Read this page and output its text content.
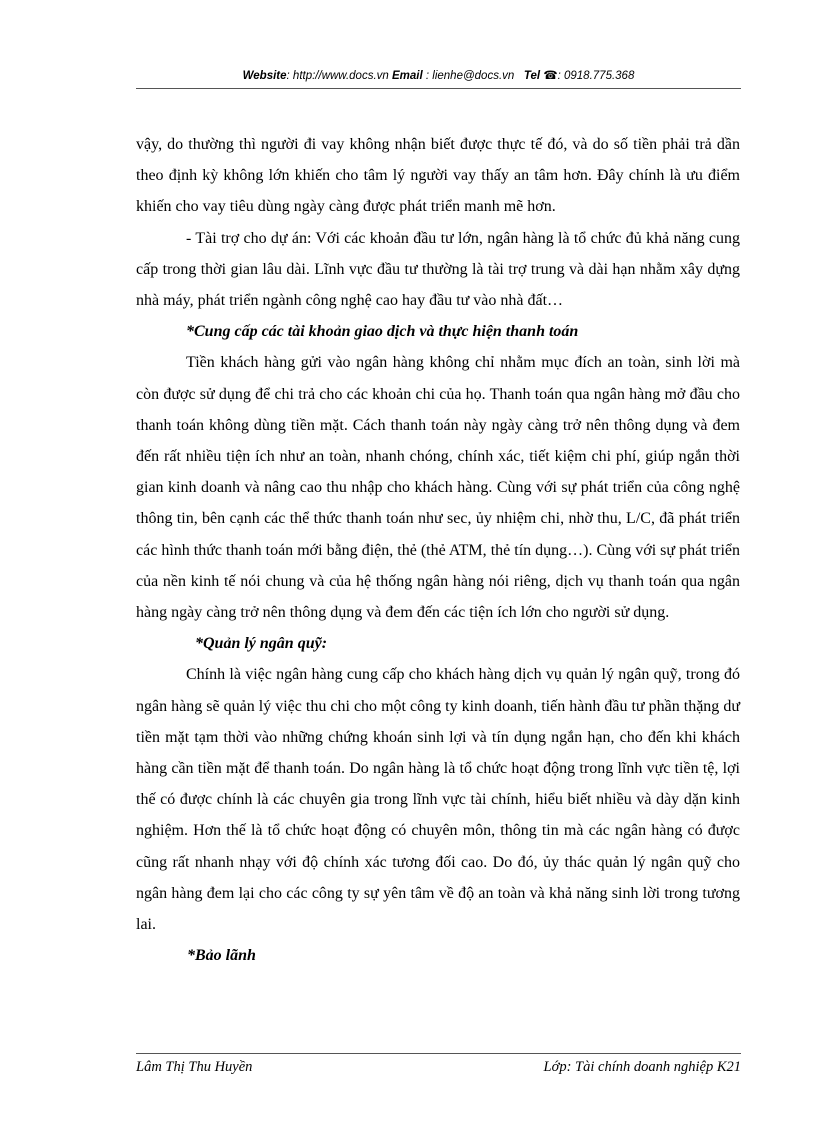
Website: http://www.docs.vn Email : lienhe@docs.vn Tel ☎: 0918.775.368

vậy, do thường thì người đi vay không nhận biết được thực tế đó, và do số tiền phải trả dần theo định kỳ không lớn khiến cho tâm lý người vay thấy an tâm hơn. Đây chính là ưu điểm khiến cho vay tiêu dùng ngày càng được phát triển manh mẽ hơn.

- Tài trợ cho dự án: Với các khoản đầu tư lớn, ngân hàng là tổ chức đủ khả năng cung cấp trong thời gian lâu dài. Lĩnh vực đầu tư thường là tài trợ trung và dài hạn nhằm xây dựng nhà máy, phát triển ngành công nghệ cao hay đầu tư vào nhà đất…

*Cung cấp các tài khoản giao dịch và thực hiện thanh toán

Tiền khách hàng gửi vào ngân hàng không chỉ nhằm mục đích an toàn, sinh lời mà còn được sử dụng để chi trả cho các khoản chi của họ. Thanh toán qua ngân hàng mở đầu cho thanh toán không dùng tiền mặt. Cách thanh toán này ngày càng trở nên thông dụng và đem đến rất nhiều tiện ích như an toàn, nhanh chóng, chính xác, tiết kiệm chi phí, giúp ngắn thời gian kinh doanh và nâng cao thu nhập cho khách hàng. Cùng với sự phát triển của công nghệ thông tin, bên cạnh các thể thức thanh toán như sec, ủy nhiệm chi, nhờ thu, L/C, đã phát triển các hình thức thanh toán mới bằng điện, thẻ (thẻ ATM, thẻ tín dụng…). Cùng với sự phát triển của nền kinh tế nói chung và của hệ thống ngân hàng nói riêng, dịch vụ thanh toán qua ngân hàng ngày càng trở nên thông dụng và đem đến các tiện ích lớn cho người sử dụng.

*Quản lý ngân quỹ:

Chính là việc ngân hàng cung cấp cho khách hàng dịch vụ quản lý ngân quỹ, trong đó ngân hàng sẽ quản lý việc thu chi cho một công ty kinh doanh, tiến hành đầu tư phần thặng dư tiền mặt tạm thời vào những chứng khoán sinh lợi và tín dụng ngắn hạn, cho đến khi khách hàng cần tiền mặt để thanh toán. Do ngân hàng là tổ chức hoạt động trong lĩnh vực tiền tệ, lợi thế có được chính là các chuyên gia trong lĩnh vực tài chính, hiểu biết nhiều và dày dặn kinh nghiệm. Hơn thế là tổ chức hoạt động có chuyên môn, thông tin mà các ngân hàng có được cũng rất nhanh nhạy với độ chính xác tương đối cao. Do đó, ủy thác quản lý ngân quỹ cho ngân hàng đem lại cho các công ty sự yên tâm về độ an toàn và khả năng sinh lời trong tương lai.

*Bảo lãnh

Lâm Thị Thu Huyền	Lớp: Tài chính doanh nghiệp K21
